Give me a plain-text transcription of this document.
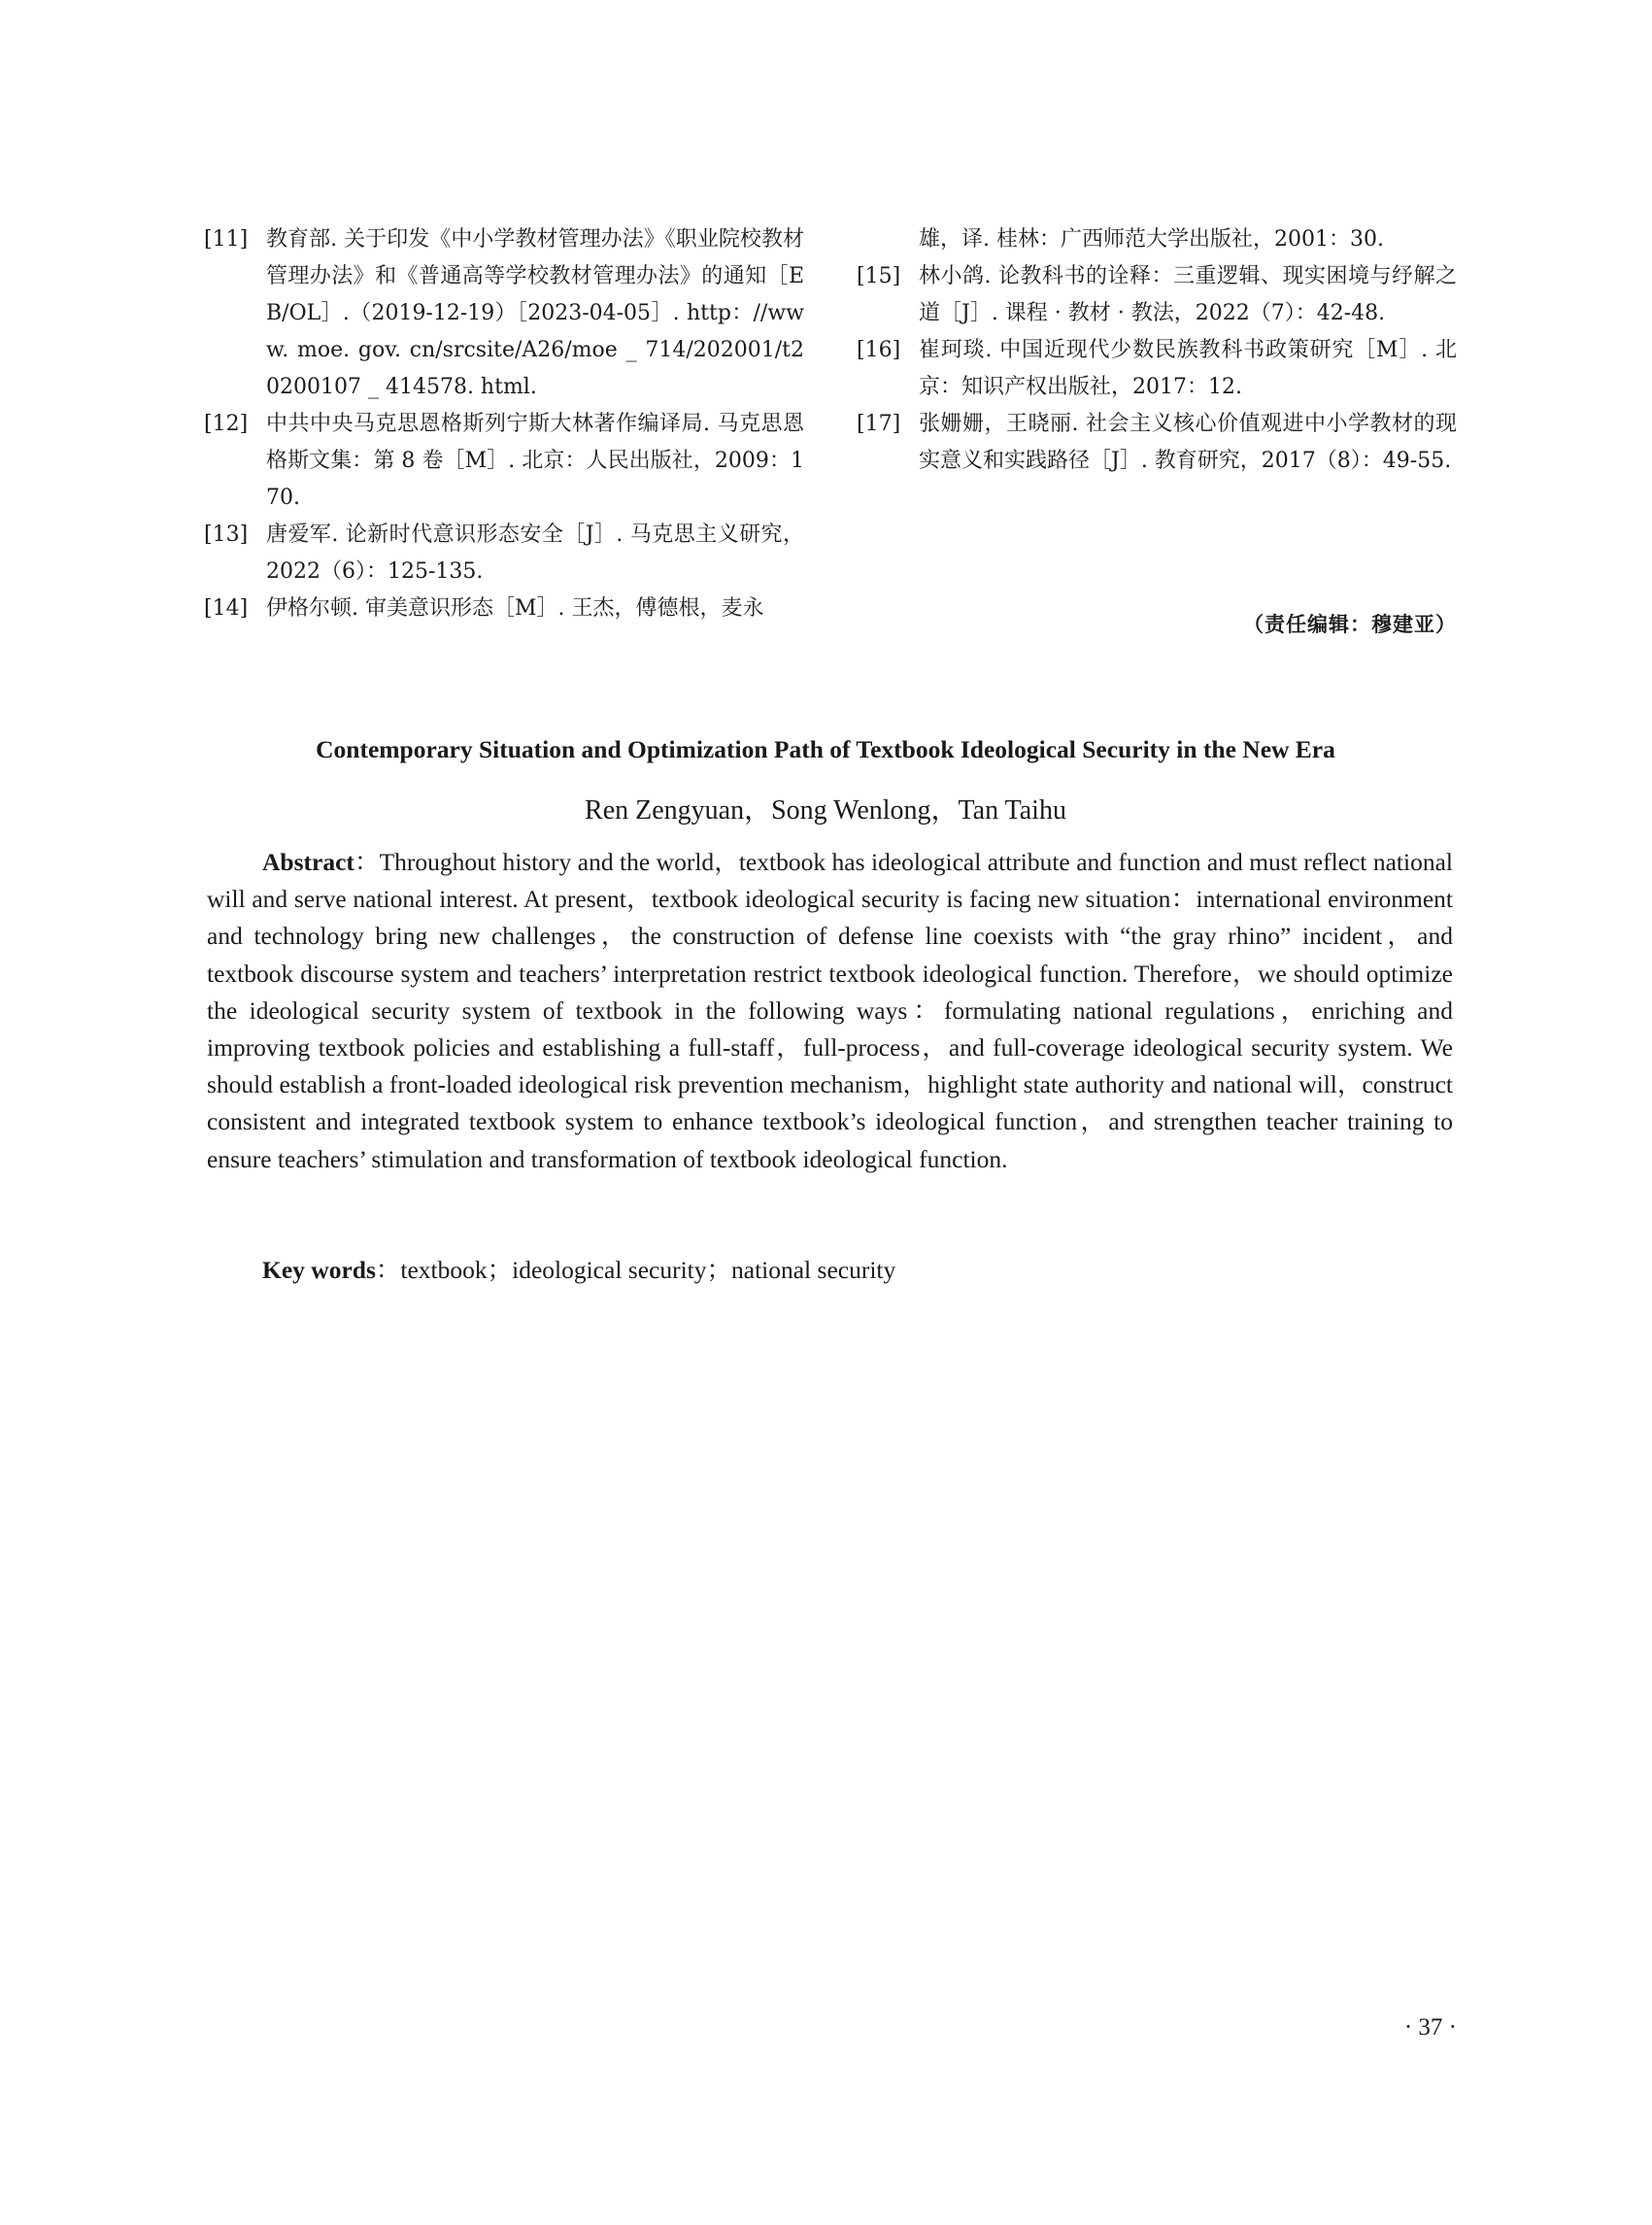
[11] 教育部. 关于印发《中小学教材管理办法》《职业院校教材管理办法》和《普通高等学校教材管理办法》的通知［EB/OL］.（2019-12-19）［2023-04-05］. http：//www. moe. gov. cn/srcsite/A26/moe _ 714/202001/t20200107 _ 414578. html.
[12] 中共中央马克思恩格斯列宁斯大林著作编译局. 马克思恩格斯文集：第 8 卷［M］. 北京：人民出版社，2009：170.
[13] 唐爱军. 论新时代意识形态安全［J］. 马克思主义研究，2022（6）：125-135.
[14] 伊格尔顿. 审美意识形态［M］. 王杰，傅德根，麦永
雄，译. 桂林：广西师范大学出版社，2001：30.
[15] 林小鸽. 论教科书的诠释：三重逻辑、现实困境与纾解之道［J］. 课程 · 教材 · 教法，2022（7）：42-48.
[16] 崔珂琰. 中国近现代少数民族教科书政策研究［M］. 北京：知识产权出版社，2017：12.
[17] 张姗姗，王晓丽. 社会主义核心价值观进中小学教材的现实意义和实践路径［J］. 教育研究，2017（8）：49-55.
（责任编辑：穆建亚）
Contemporary Situation and Optimization Path of Textbook Ideological Security in the New Era
Ren Zengyuan，Song Wenlong，Tan Taihu

Abstract：Throughout history and the world，textbook has ideological attribute and function and must reflect national will and serve national interest. At present，textbook ideological security is facing new situation：international environment and technology bring new challenges，the construction of defense line coexists with “the gray rhino” incident，and textbook discourse system and teachers’ interpretation restrict textbook ideological function. Therefore，we should optimize the ideological security system of textbook in the following ways：formulating national regulations，enriching and improving textbook policies and establishing a full-staff，full-process，and full-coverage ideological security system. We should establish a front-loaded ideological risk prevention mechanism，highlight state authority and national will，construct consistent and integrated textbook system to enhance textbook’s ideological function，and strengthen teacher training to ensure teachers’ stimulation and transformation of textbook ideological function.

Key words：textbook；ideological security；national security

· 37 ·
